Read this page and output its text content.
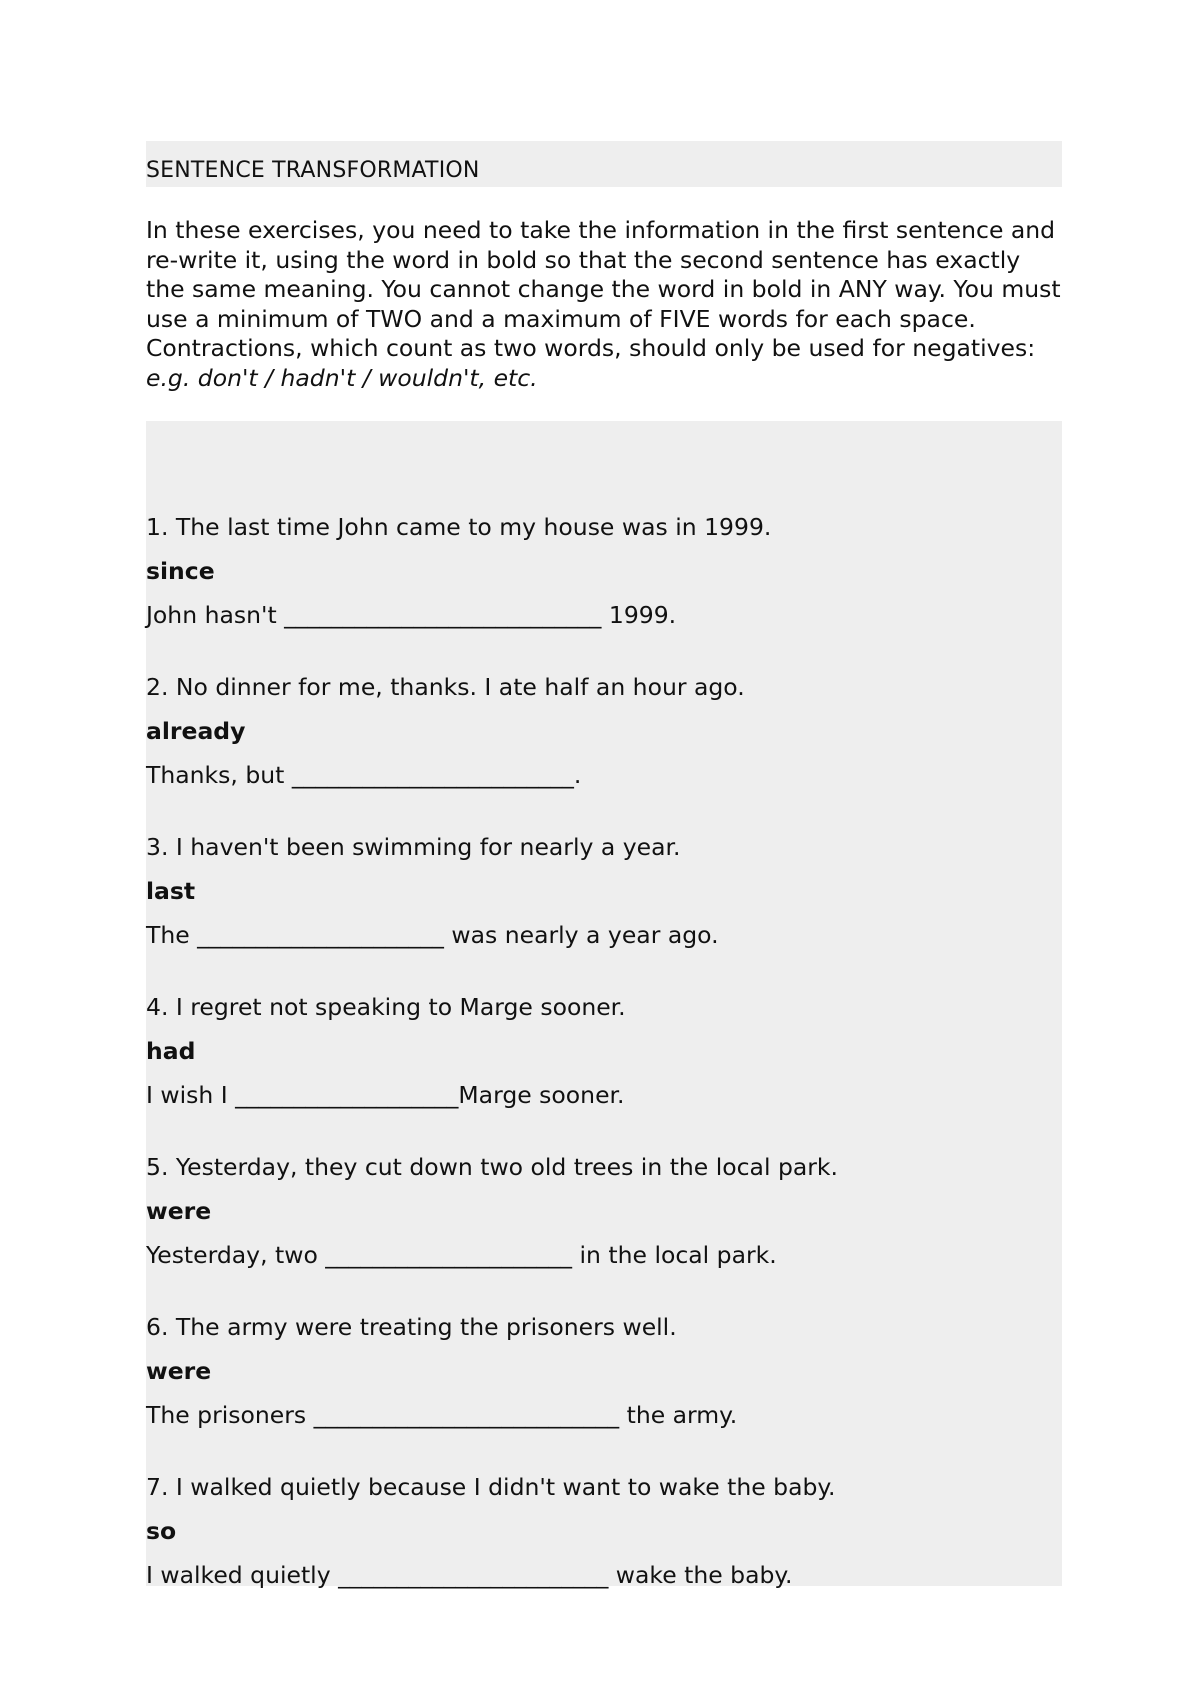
SENTENCE TRANSFORMATION
In these exercises, you need to take the information in the first sentence and re-write it, using the word in bold so that the second sentence has exactly the same meaning. You cannot change the word in bold in ANY way. You must use a minimum of TWO and a maximum of FIVE words for each space. Contractions, which count as two words, should only be used for negatives: e.g. don't / hadn't / wouldn't, etc.
1. The last time John came to my house was in 1999.
since
John hasn't ___________________________ 1999.
2. No dinner for me, thanks. I ate half an hour ago.
already
Thanks, but ________________________.
3. I haven't been swimming for nearly a year.
last
The _____________________ was nearly a year ago.
4. I regret not speaking to Marge sooner.
had
I wish I ___________________Marge sooner.
5. Yesterday, they cut down two old trees in the local park.
were
Yesterday, two _____________________ in the local park.
6. The army were treating the prisoners well.
were
The prisoners __________________________ the army.
7. I walked quietly because I didn't want to wake the baby.
so
I walked quietly _______________________ wake the baby.
